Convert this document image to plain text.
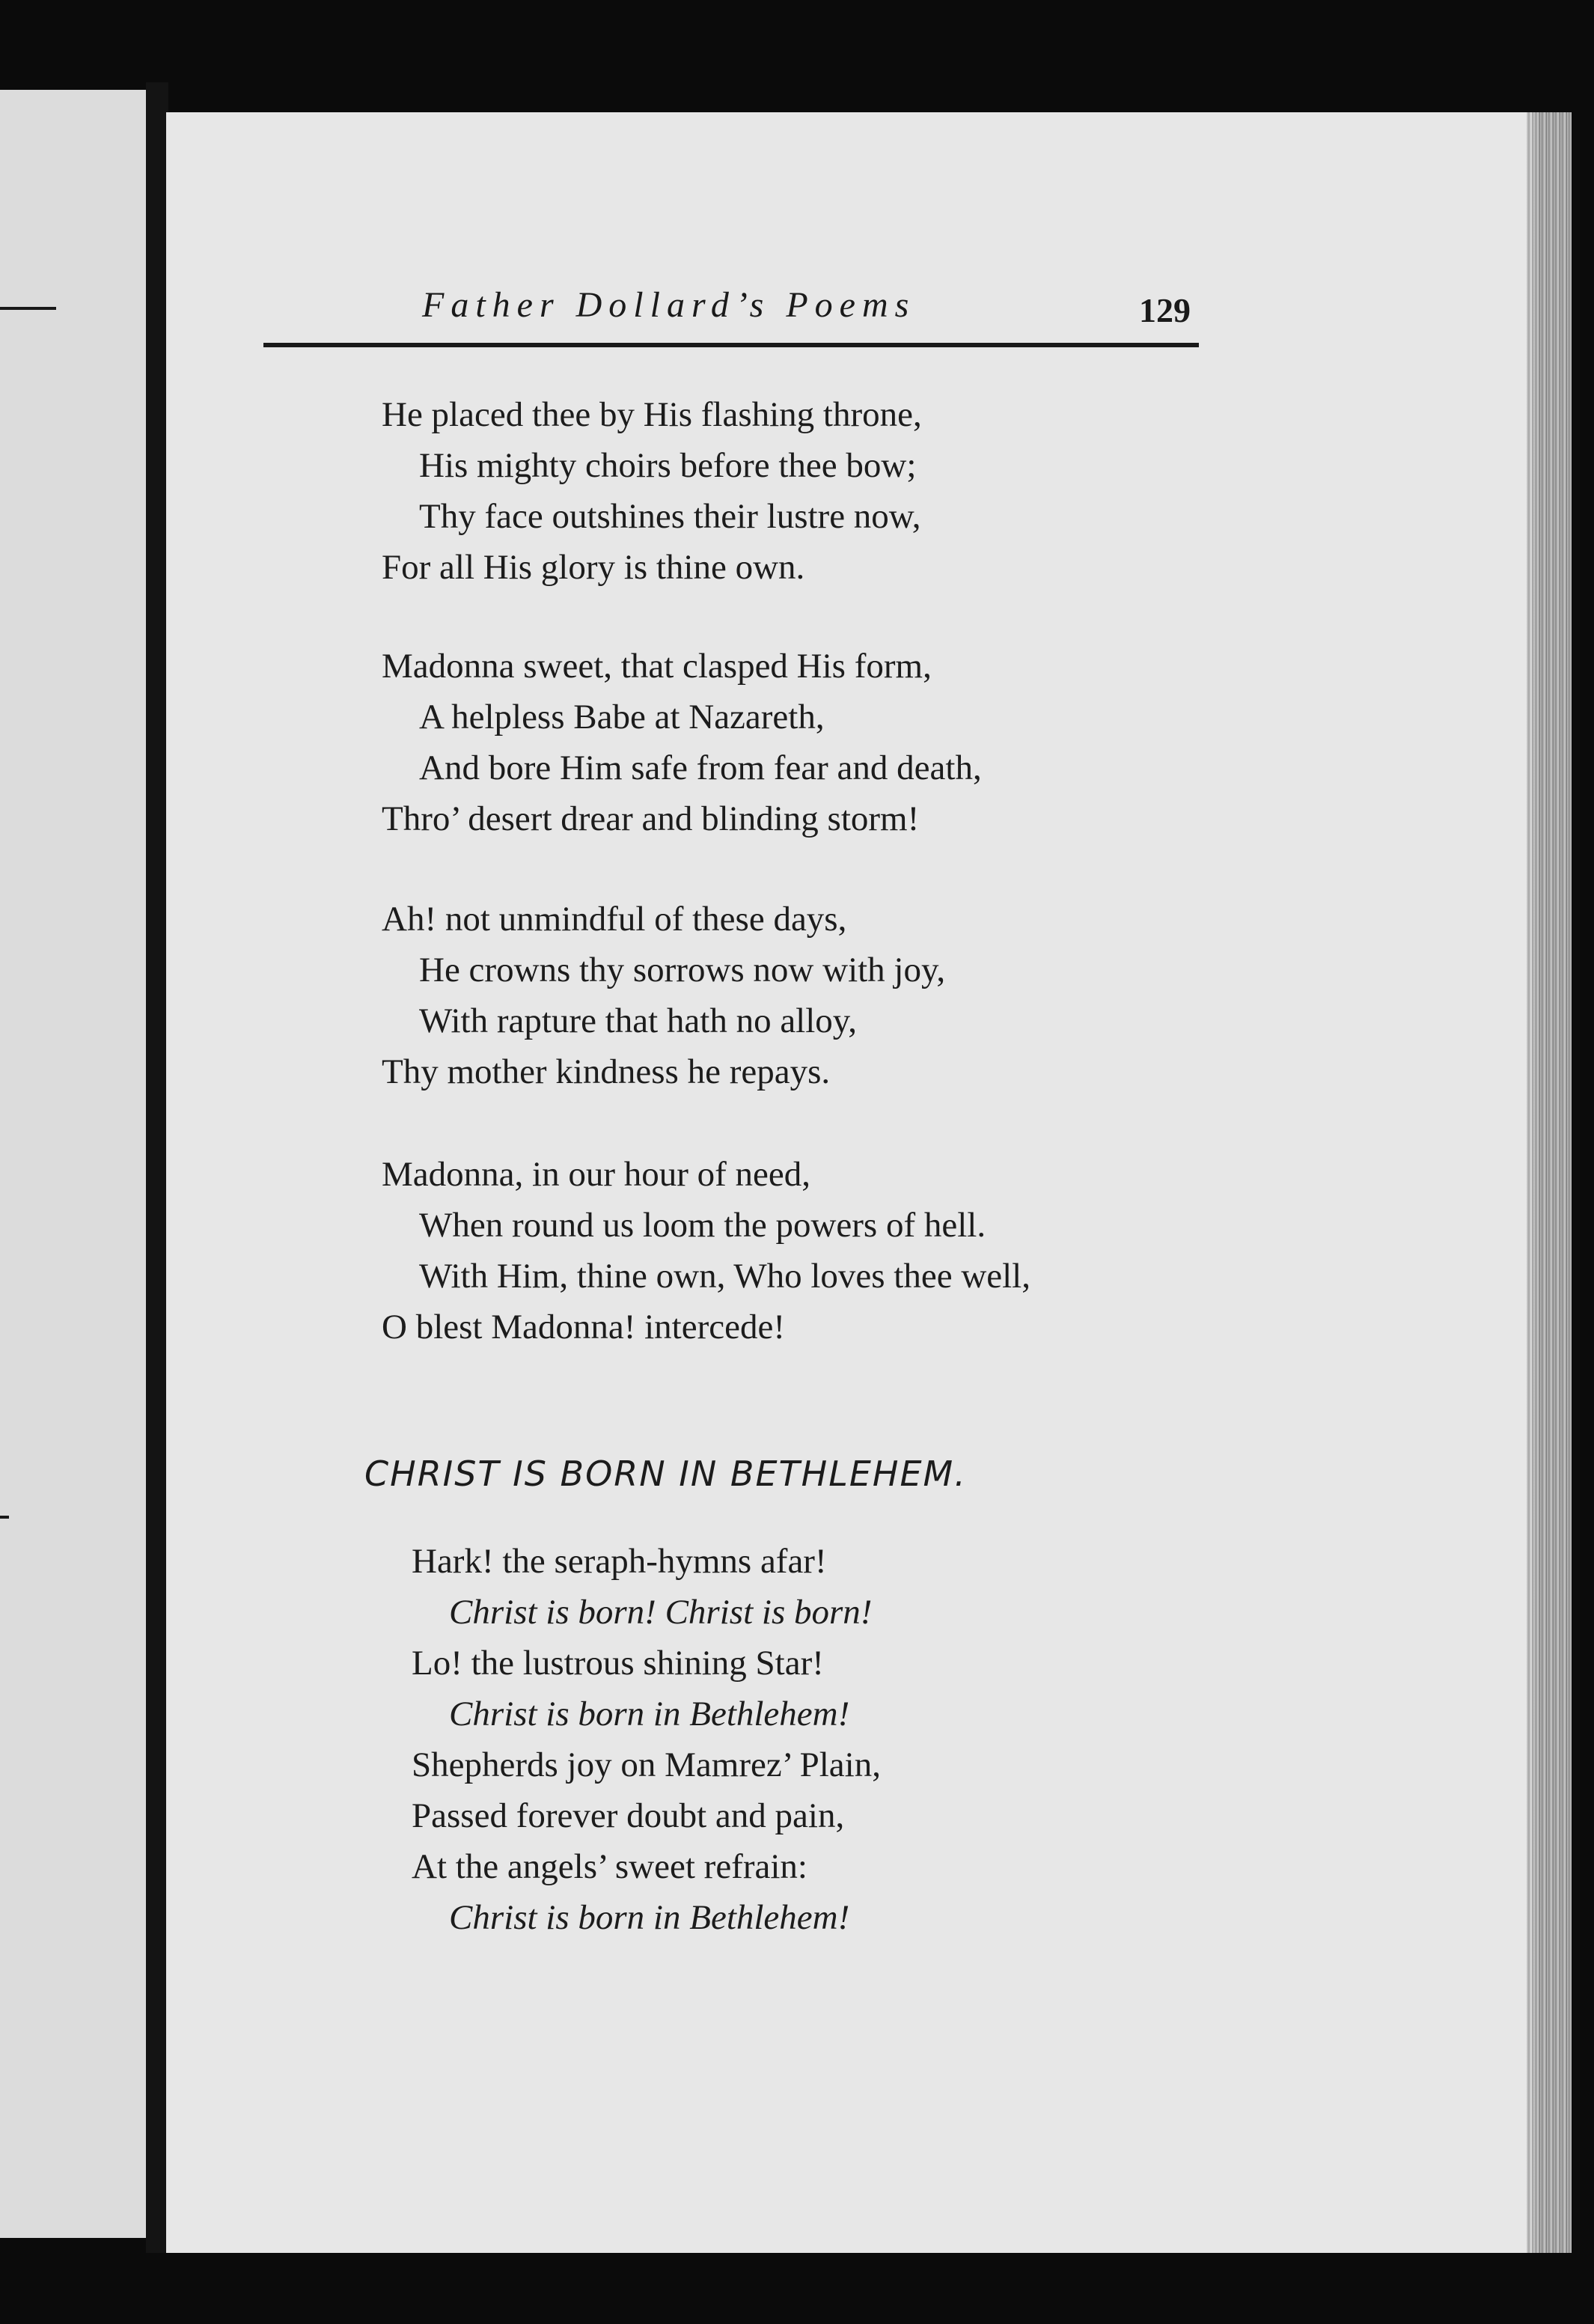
Father Dollard’s Poems	129
He placed thee by His flashing throne,
His mighty choirs before thee bow;
Thy face outshines their lustre now,
For all His glory is thine own.
Madonna sweet, that clasped His form,
A helpless Babe at Nazareth,
And bore Him safe from fear and death,
Thro’ desert drear and blinding storm!
Ah! not unmindful of these days,
He crowns thy sorrows now with joy,
With rapture that hath no alloy,
Thy mother kindness he repays.
Madonna, in our hour of need,
When round us loom the powers of hell.
With Him, thine own, Who loves thee well,
O blest Madonna! intercede!
CHRIST IS BORN IN BETHLEHEM.
Hark! the seraph-hymns afar!
Christ is born! Christ is born!
Lo! the lustrous shining Star!
Christ is born in Bethlehem!
Shepherds joy on Mamrez’ Plain,
Passed forever doubt and pain,
At the angels’ sweet refrain:
Christ is born in Bethlehem!
